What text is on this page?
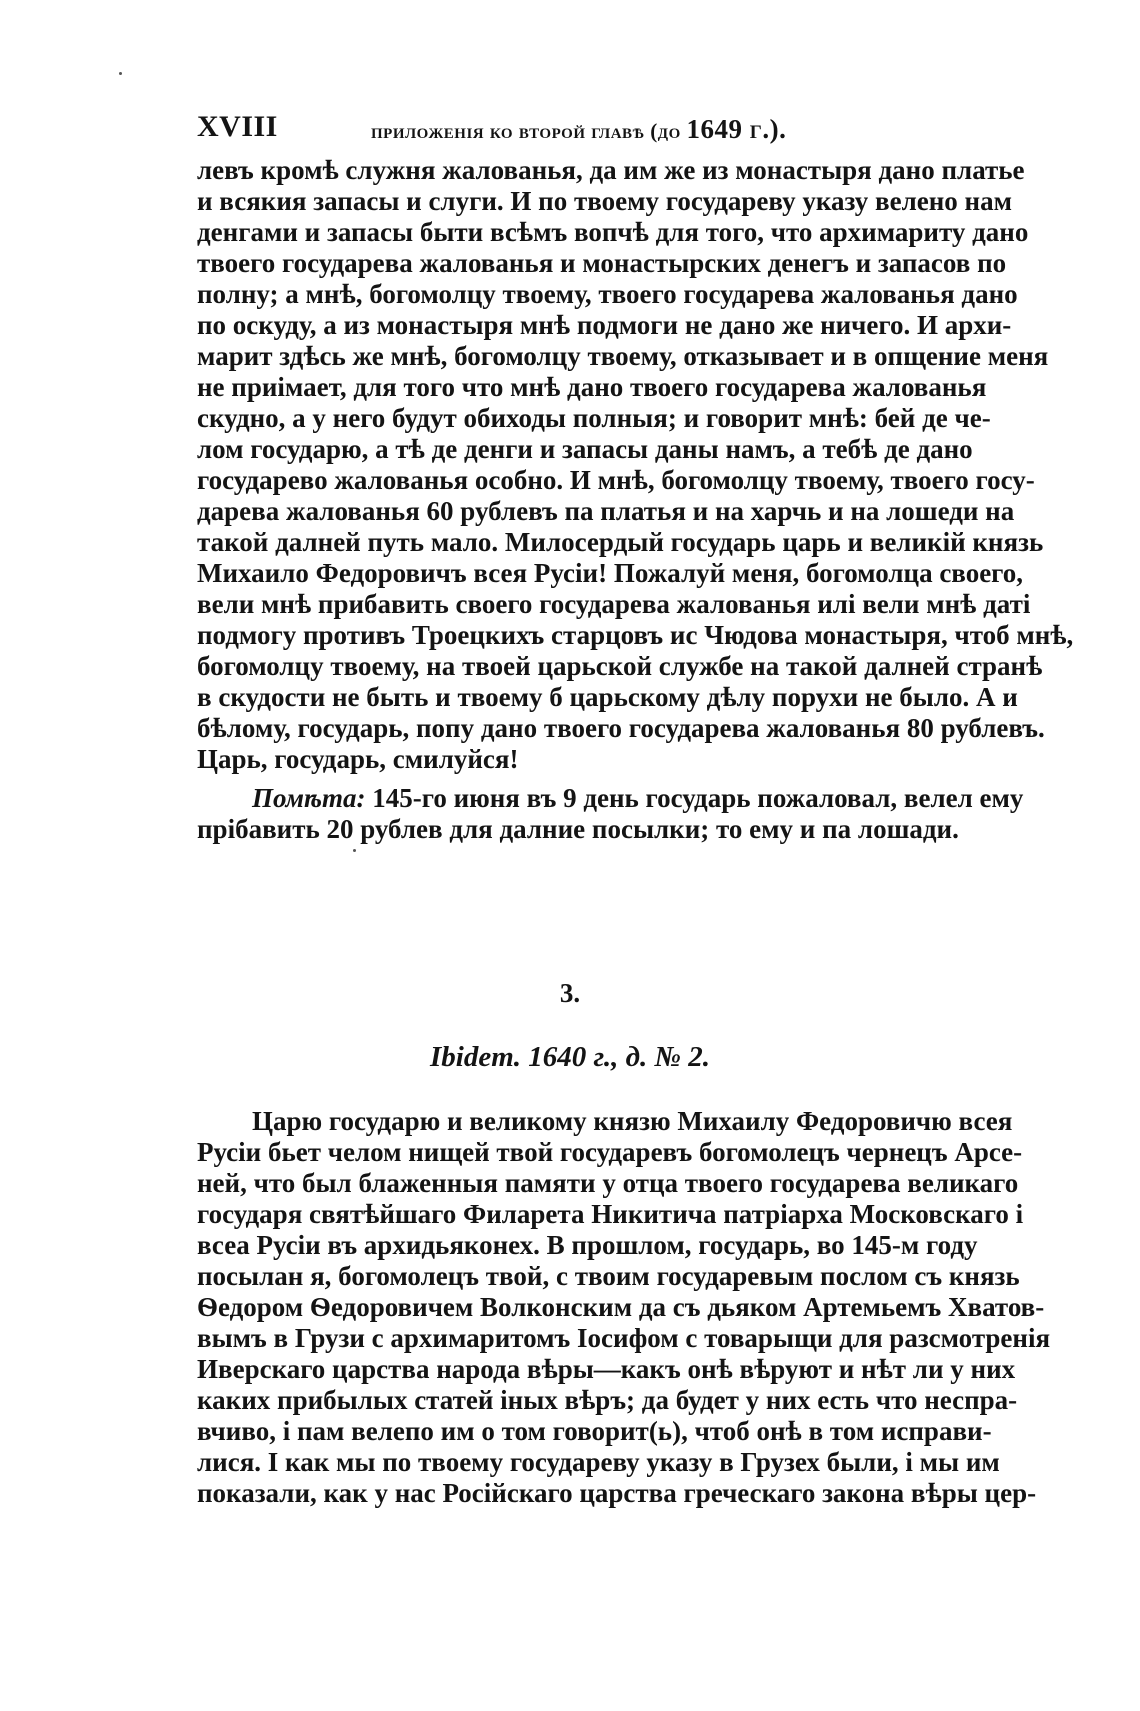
XVIII	приложенія ко второй главѣ (до 1649 г.).
левъ кромѣ служня жалованья, да им же из монастыря дано платье
и всякия запасы и слуги. И по твоему государеву указу велено нам
денгами и запасы быти всѣмъ вопчѣ для того, что архимариту дано
твоего государева жалованья и монастырских денегъ и запасов по
полну; а мнѣ, богомолцу твоему, твоего государева жалованья дано
по оскуду, а из монастыря мнѣ подмоги не дано же ничего. И архи-
марит здѣсь же мнѣ, богомолцу твоему, отказывает и в опщение меня
не приімает, для того что мнѣ дано твоего государева жалованья
скудно, а у него будут обиходы полныя; и говорит мнѣ: бей де че-
лом государю, а тѣ де денги и запасы даны намъ, а тебѣ де дано
государево жалованья особно. И мнѣ, богомолцу твоему, твоего госу-
дарева жалованья 60 рублевъ па платья и на харчь и на лошеди на
такой далней путь мало. Милосердый государь царь и великій князь
Михаило Федоровичъ всея Русіи! Пожалуй меня, богомолца своего,
вели мнѣ прибавить своего государева жалованья илі вели мнѣ даті
подмогу противъ Троецкихъ старцовъ ис Чюдова монастыря, чтоб мнѣ,
богомолцу твоему, на твоей царьской службе на такой далней странѣ
в скудости не быть и твоему б царьскому дѣлу порухи не было. А и
бѣлому, государь, попу дано твоего государева жалованья 80 рублевъ.
Царь, государь, смилуйся!
Помѣта: 145-го июня въ 9 день государь пожаловал, велел ему
прібавить 20 рублев для далние посылки; то ему и па лошади.
3.
Ibidem. 1640 г., д. № 2.
Царю государю и великому князю Михаилу Федоровичю всея
Русіи бьет челом нищей твой государевъ богомолецъ чернецъ Арсе-
ней, что был блаженныя памяти у отца твоего государева великаго
государя святѣйшаго Филарета Никитича патріарха Московскаго і
всеа Русіи въ архидьяконех. В прошлом, государь, во 145-м году
посылан я, богомолецъ твой, с твоим государевым послом съ князь
Ѳедором Ѳедоровичем Волконским да съ дьяком Артемьемъ Хватов-
вымъ в Грузи с архимаритомъ Іосифом с товарыщи для разсмотренія
Иверскаго царства народа вѣры—какъ онѣ вѣруют и нѣт ли у них
каких прибылых статей іных вѣръ; да будет у них есть что неспра-
вчиво, і пам велепо им о том говорит(ь), чтоб онѣ в том исправи-
лися. І как мы по твоему государеву указу в Грузех были, і мы им
показали, как у нас Російскаго царства греческаго закона вѣры цер-
